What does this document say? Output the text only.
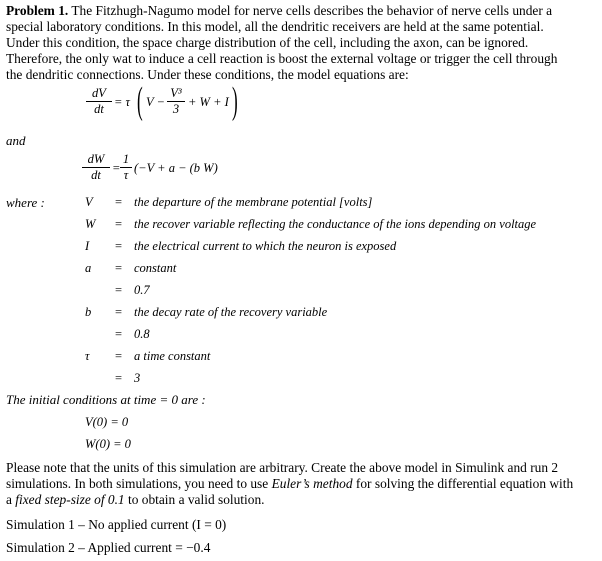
Problem 1. The Fitzhugh-Nagumo model for nerve cells describes the behavior of nerve cells under a
special laboratory conditions. In this model, all the dendritic receivers are held at the same potential.
Under this condition, the space charge distribution of the cell, including the axon, can be ignored.
Therefore, the only wat to induce a cell reaction is boost the external voltage or trigger the cell through
the dendritic connections. Under these conditions, the model equations are:
$\frac{dV}{dt} = \tau$ ( $V - \frac{\text{V³}}{3} + W + I$ )
and
$\frac{dW}{dt} = \frac{1}{\tau} (-V + a - (b$ W)
where :	V = the departure of the membrane potential [volts]
W = the recover variable reflecting the conductance of the ions depending on voltage
I = the electrical current to which the neuron is exposed
a = constant
= 0.7
b = the decay rate of the recovery variable
= 0.8
τ = a time constant
= 3
The initial conditions at time = 0 are :
V(0) = 0
W(0) = 0
Please note that the units of this simulation are arbitrary. Create the above model in Simulink and run 2
simulations. In both simulations, you need to use Euler’s method for solving the differential equation with
a fixed step-size of 0.1 to obtain a valid solution.
Simulation 1 – No applied current (I = 0)
Simulation 2 – Applied current = −0.4
